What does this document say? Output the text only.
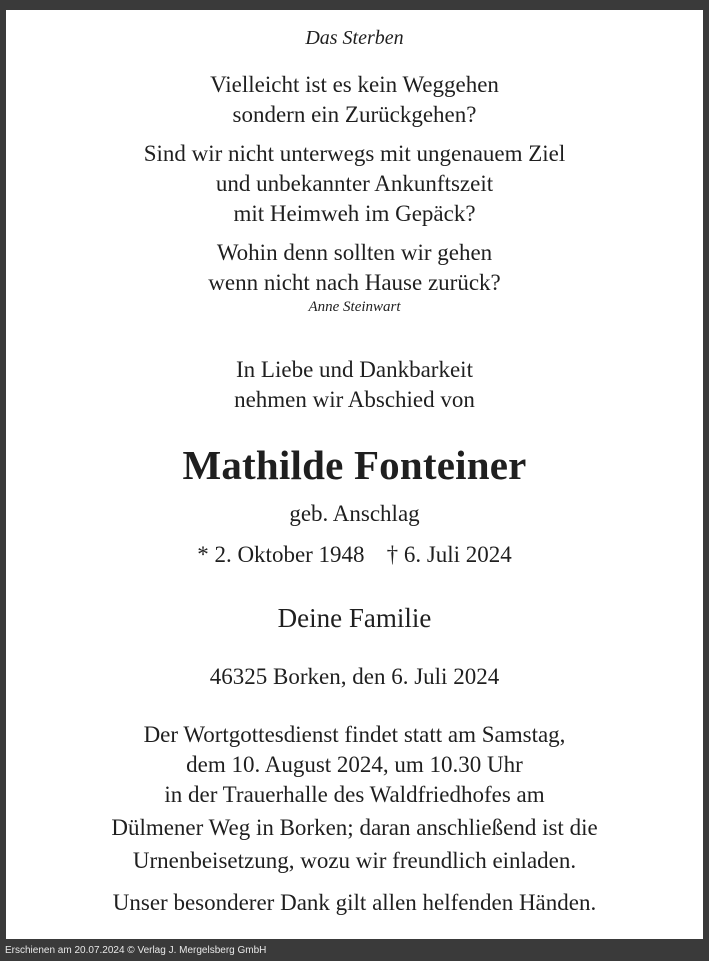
Das Sterben
Vielleicht ist es kein Weggehen
sondern ein Zurückgehen?
Sind wir nicht unterwegs mit ungenauem Ziel
und unbekannter Ankunftszeit
mit Heimweh im Gepäck?
Wohin denn sollten wir gehen
wenn nicht nach Hause zurück?
Anne Steinwart
In Liebe und Dankbarkeit
nehmen wir Abschied von
Mathilde Fonteiner
geb. Anschlag
* 2. Oktober 1948 † 6. Juli 2024
Deine Familie
46325 Borken, den 6. Juli 2024
Der Wortgottesdienst findet statt am Samstag,
dem 10. August 2024, um 10.30 Uhr
in der Trauerhalle des Waldfriedhofes am
Dülmener Weg in Borken; daran anschließend ist die
Urnenbeisetzung, wozu wir freundlich einladen.
Unser besonderer Dank gilt allen helfenden Händen.
Erschienen am 20.07.2024 © Verlag J. Mergelsberg GmbH
